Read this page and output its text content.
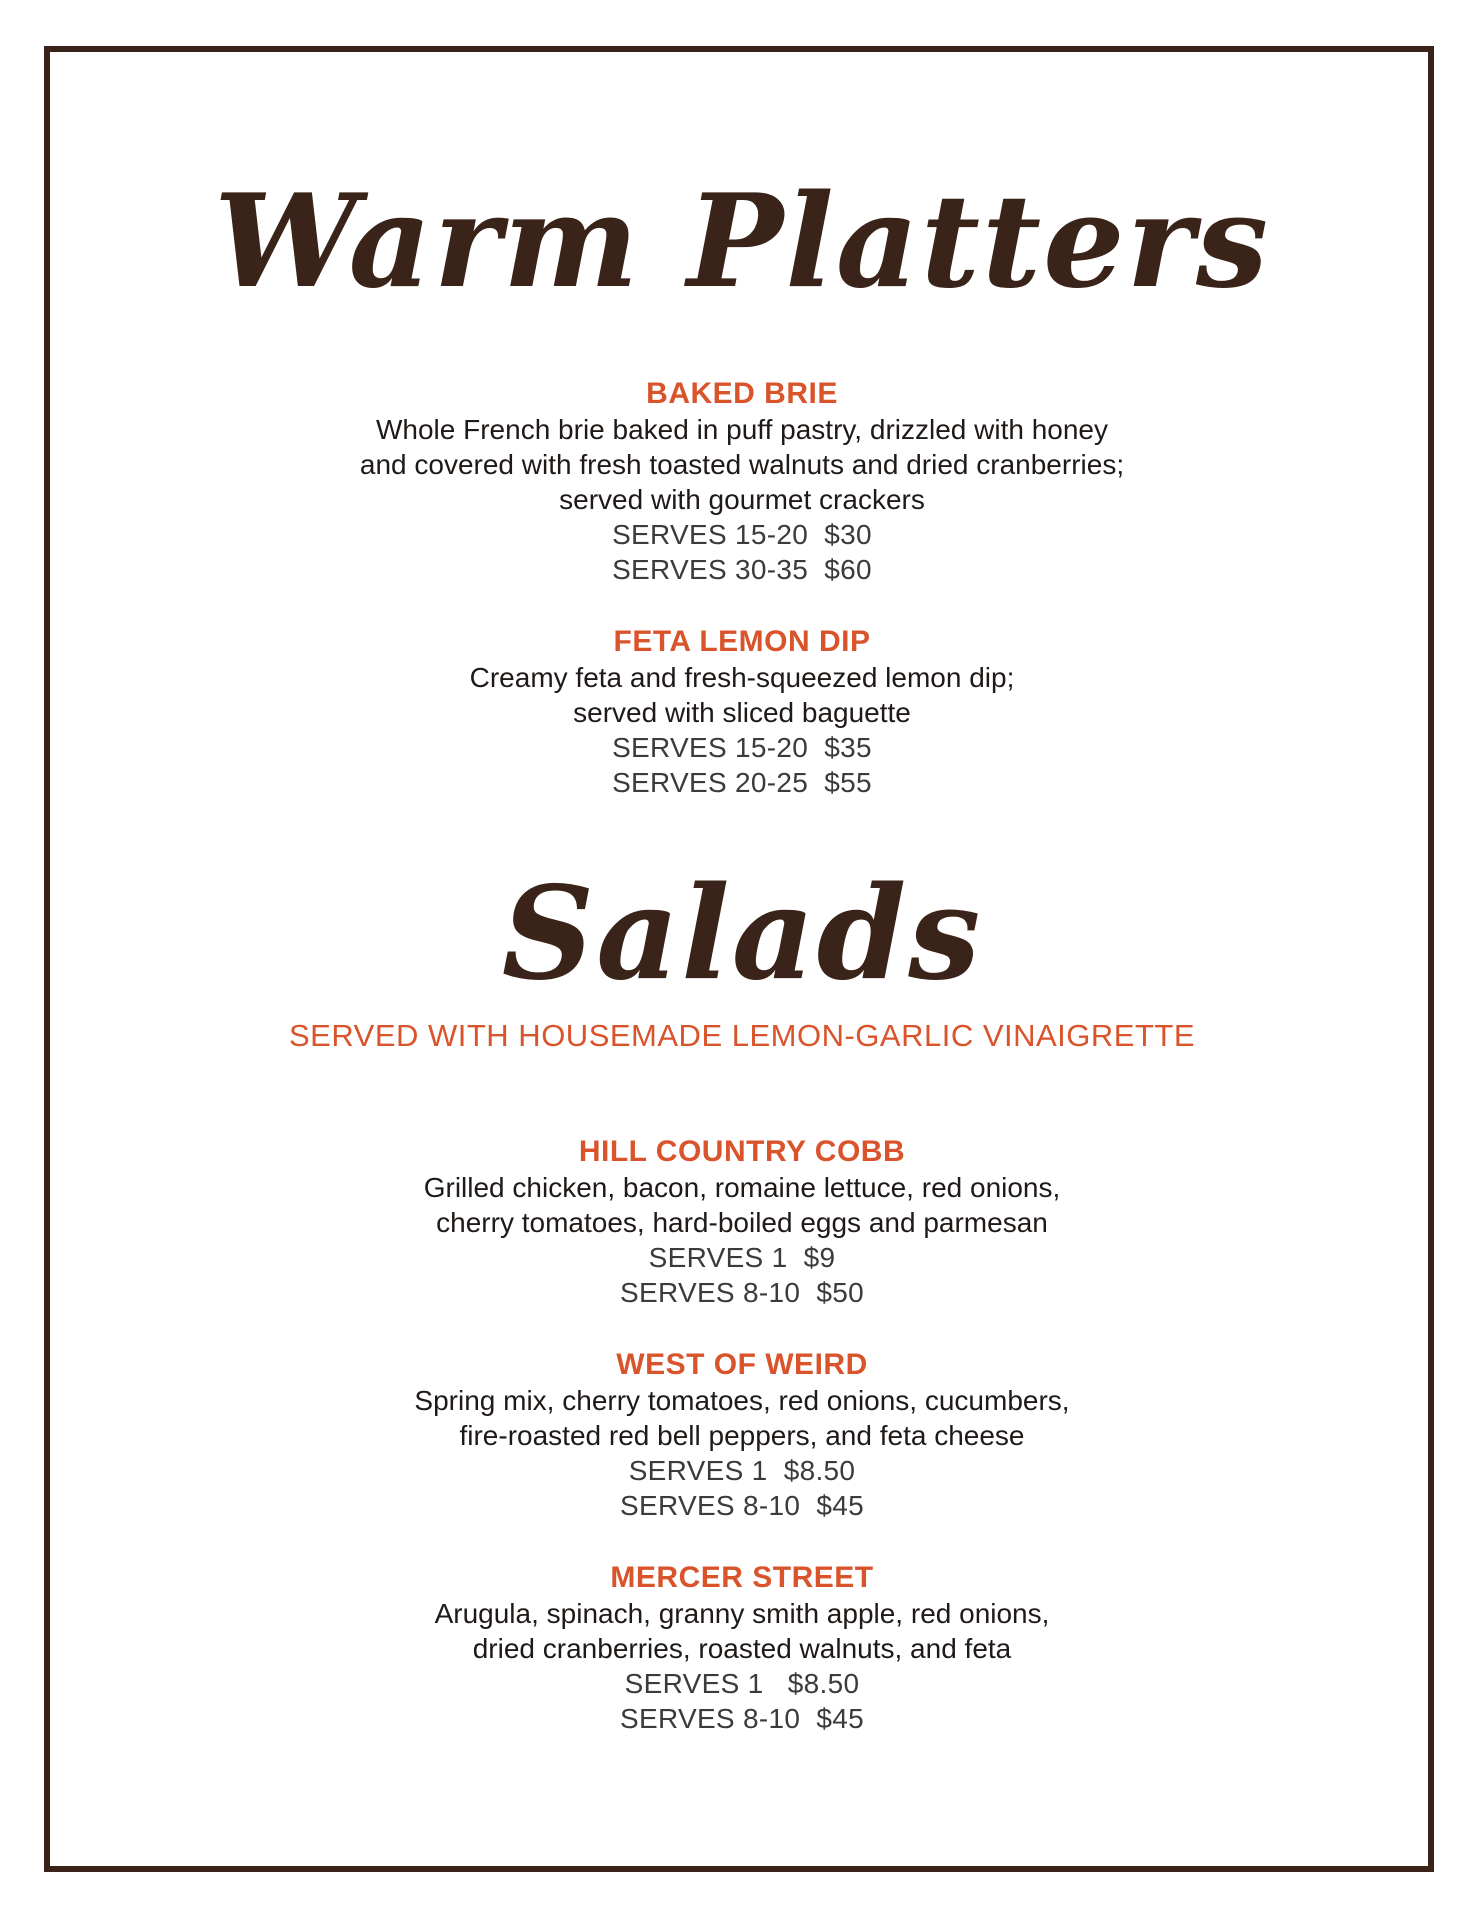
Warm Platters
BAKED BRIE
Whole French brie baked in puff pastry, drizzled with honey
and covered with fresh toasted walnuts and dried cranberries;
served with gourmet crackers
SERVES 15-20  $30
SERVES 30-35  $60
FETA LEMON DIP
Creamy feta and fresh-squeezed lemon dip;
served with sliced baguette
SERVES 15-20  $35
SERVES 20-25  $55
Salads
SERVED WITH HOUSEMADE LEMON-GARLIC VINAIGRETTE
HILL COUNTRY COBB
Grilled chicken, bacon, romaine lettuce, red onions,
cherry tomatoes, hard-boiled eggs and parmesan
SERVES 1  $9
SERVES 8-10  $50
WEST OF WEIRD
Spring mix, cherry tomatoes, red onions, cucumbers,
fire-roasted red bell peppers, and feta cheese
SERVES 1  $8.50
SERVES 8-10  $45
MERCER STREET
Arugula, spinach, granny smith apple, red onions,
dried cranberries, roasted walnuts, and feta
SERVES 1   $8.50
SERVES 8-10  $45
